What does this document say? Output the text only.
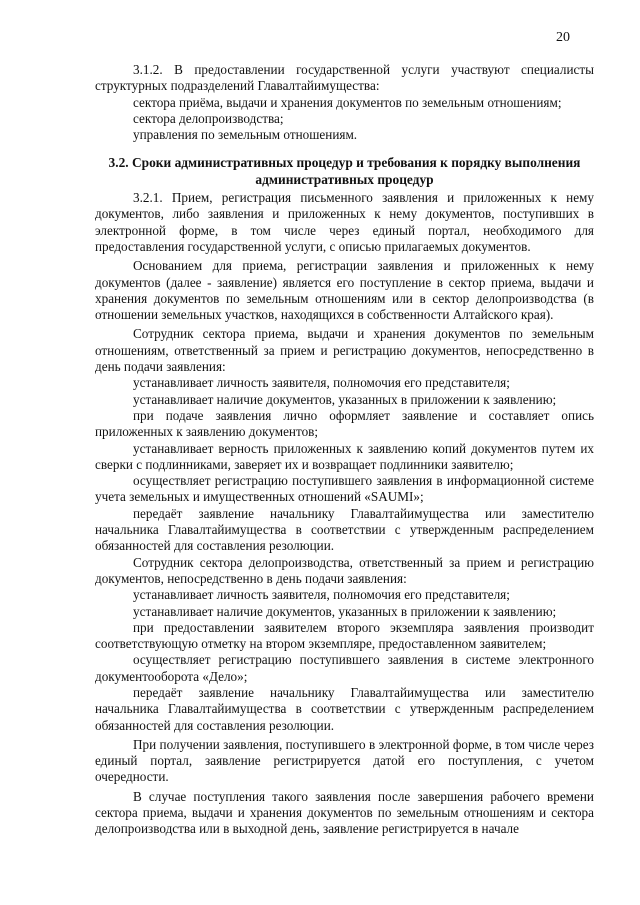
20

3.1.2. В предоставлении государственной услуги участвуют специалисты структурных подразделений Главалтайимущества:

сектора приёма, выдачи и хранения документов по земельным отношениям;

сектора делопроизводства;

управления по земельным отношениям.

3.2. Сроки административных процедур и требования к порядку выполнения административных процедур

3.2.1. Прием, регистрация письменного заявления и приложенных к нему документов, либо заявления и приложенных к нему документов, поступивших в электронной форме, в том числе через единый портал, необходимого для предоставления государственной услуги, с описью прилагаемых документов.

Основанием для приема, регистрации заявления и приложенных к нему документов (далее - заявление) является его поступление в сектор приема, выдачи и хранения документов по земельным отношениям или в сектор делопроизводства (в отношении земельных участков, находящихся в собственности Алтайского края).

Сотрудник сектора приема, выдачи и хранения документов по земельным отношениям, ответственный за прием и регистрацию документов, непосредственно в день подачи заявления:

устанавливает личность заявителя, полномочия его представителя;

устанавливает наличие документов, указанных в приложении к заявлению;

при подаче заявления лично оформляет заявление и составляет опись приложенных к заявлению документов;

устанавливает верность приложенных к заявлению копий документов путем их сверки с подлинниками, заверяет их и возвращает подлинники заявителю;

осуществляет регистрацию поступившего заявления в информационной системе учета земельных и имущественных отношений «SAUMI»;

передаёт заявление начальнику Главалтайимущества или заместителю начальника Главалтайимущества в соответствии с утвержденным распределением обязанностей для составления резолюции.

Сотрудник сектора делопроизводства, ответственный за прием и регистрацию документов, непосредственно в день подачи заявления:

устанавливает личность заявителя, полномочия его представителя;

устанавливает наличие документов, указанных в приложении к заявлению;

при предоставлении заявителем второго экземпляра заявления производит соответствующую отметку на втором экземпляре, предоставленном заявителем;

осуществляет регистрацию поступившего заявления в системе электронного документооборота «Дело»;

передаёт заявление начальнику Главалтайимущества или заместителю начальника Главалтайимущества в соответствии с утвержденным распределением обязанностей для составления резолюции.

При получении заявления, поступившего в электронной форме, в том числе через единый портал, заявление регистрируется датой его поступления, с учетом очередности.

В случае поступления такого заявления после завершения рабочего времени сектора приема, выдачи и хранения документов по земельным отношениям и сектора делопроизводства или в выходной день, заявление регистрируется в начале
